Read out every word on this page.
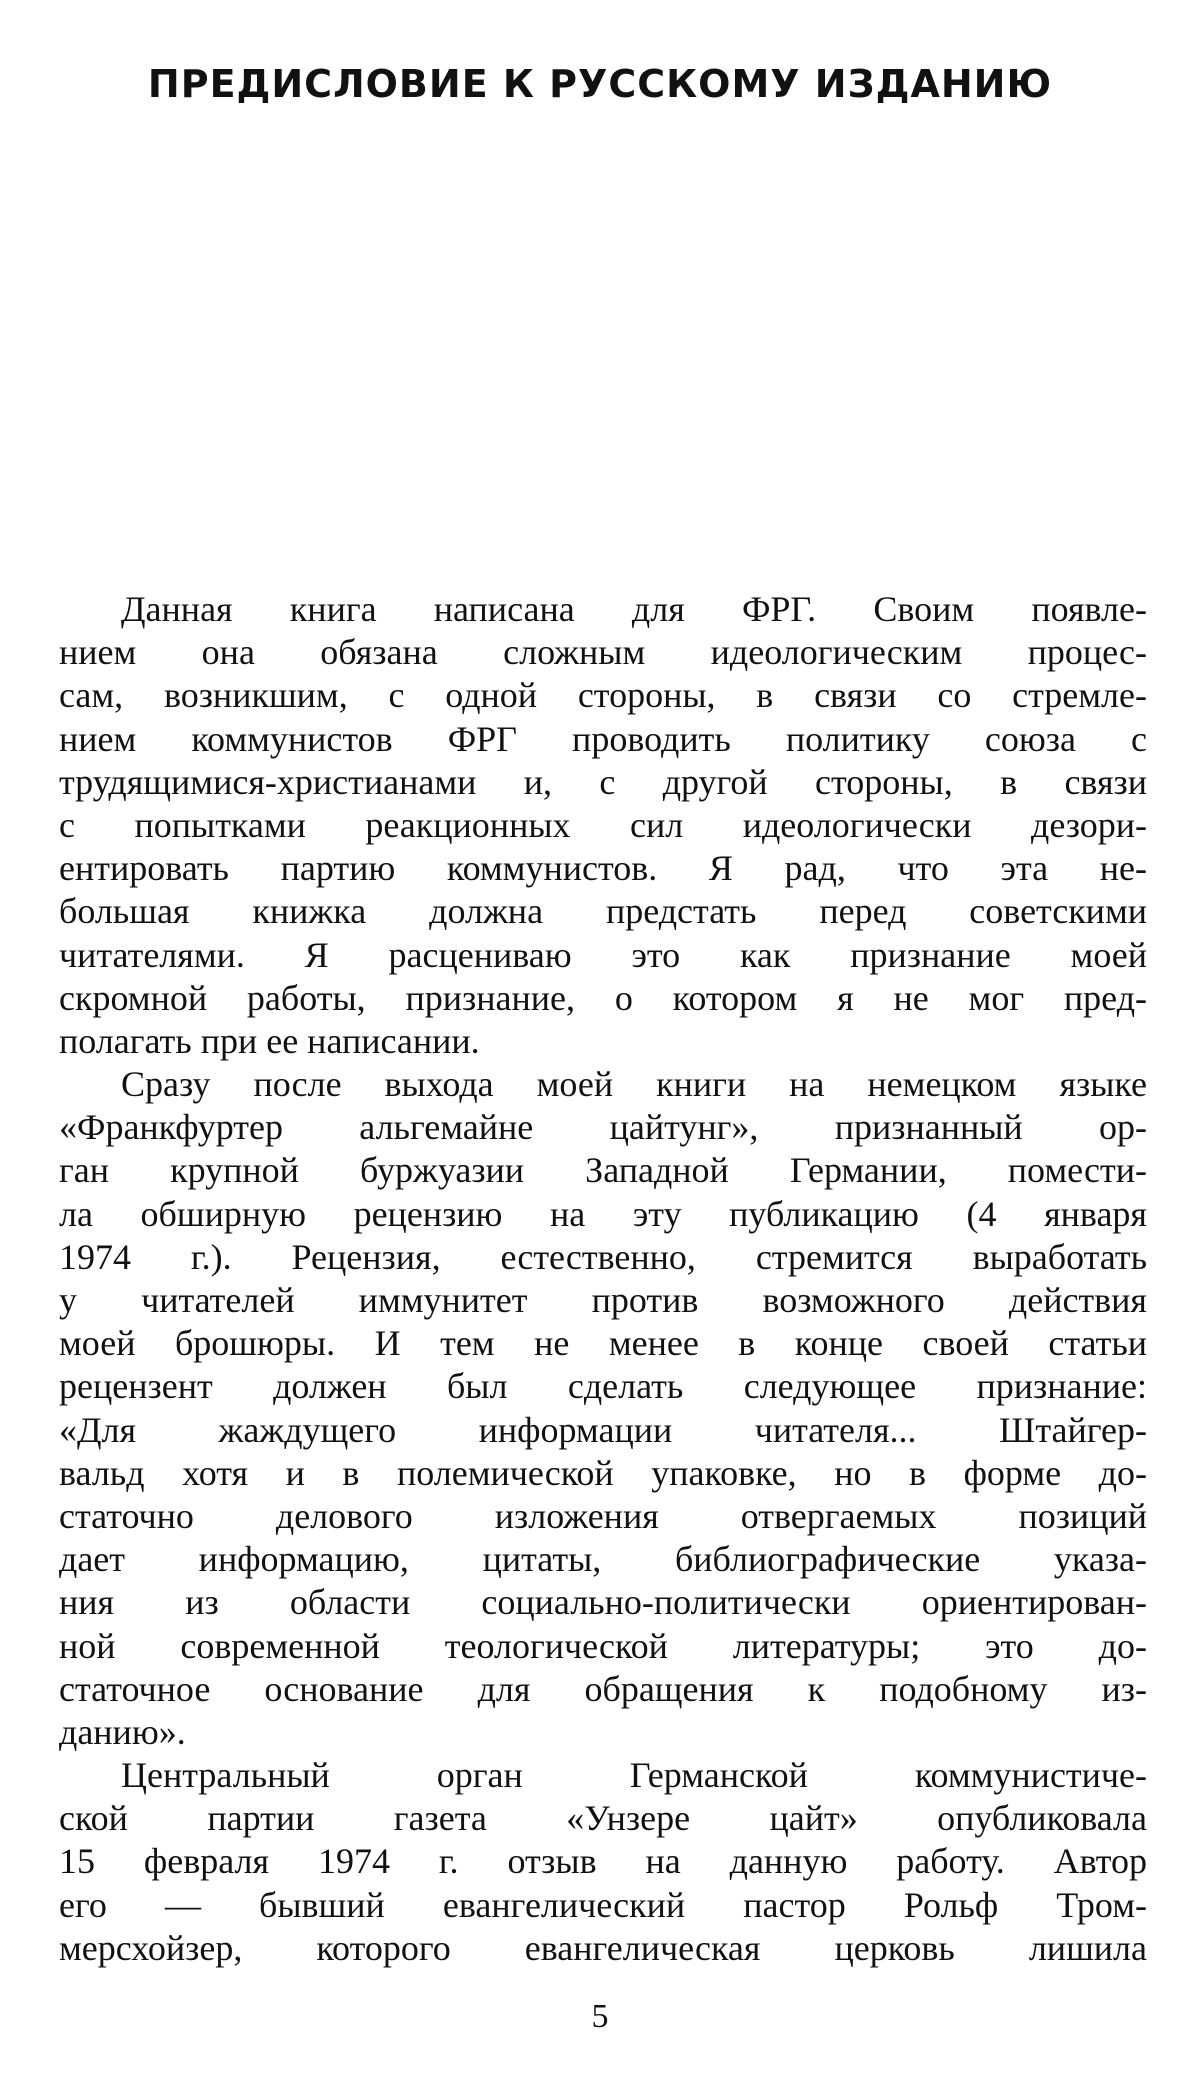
ПРЕДИСЛОВИЕ К РУССКОМУ ИЗДАНИЮ
Данная книга написана для ФРГ. Своим появле-
нием она обязана сложным идеологическим процес-
сам, возникшим, с одной стороны, в связи со стремле-
нием коммунистов ФРГ проводить политику союза с
трудящимися-христианами и, с другой стороны, в связи
с попытками реакционных сил идеологически дезори-
ентировать партию коммунистов. Я рад, что эта не-
большая книжка должна предстать перед советскими
читателями. Я расцениваю это как признание моей
скромной работы, признание, о котором я не мог пред-
полагать при ее написании.
Сразу после выхода моей книги на немецком языке
«Франкфуртер альгемайне цайтунг», признанный ор-
ган крупной буржуазии Западной Германии, помести-
ла обширную рецензию на эту публикацию (4 января
1974 г.). Рецензия, естественно, стремится выработать
у читателей иммунитет против возможного действия
моей брошюры. И тем не менее в конце своей статьи
рецензент должен был сделать следующее признание:
«Для жаждущего информации читателя... Штайгер-
вальд хотя и в полемической упаковке, но в форме до-
статочно делового изложения отвергаемых позиций
дает информацию, цитаты, библиографические указа-
ния из области социально-политически ориентирован-
ной современной теологической литературы; это до-
статочное основание для обращения к подобному из-
данию».
Центральный орган Германской коммунистиче-
ской партии газета «Унзере цайт» опубликовала
15 февраля 1974 г. отзыв на данную работу. Автор
его — бывший евангелический пастор Рольф Тром-
мерсхойзер, которого евангелическая церковь лишила
5
